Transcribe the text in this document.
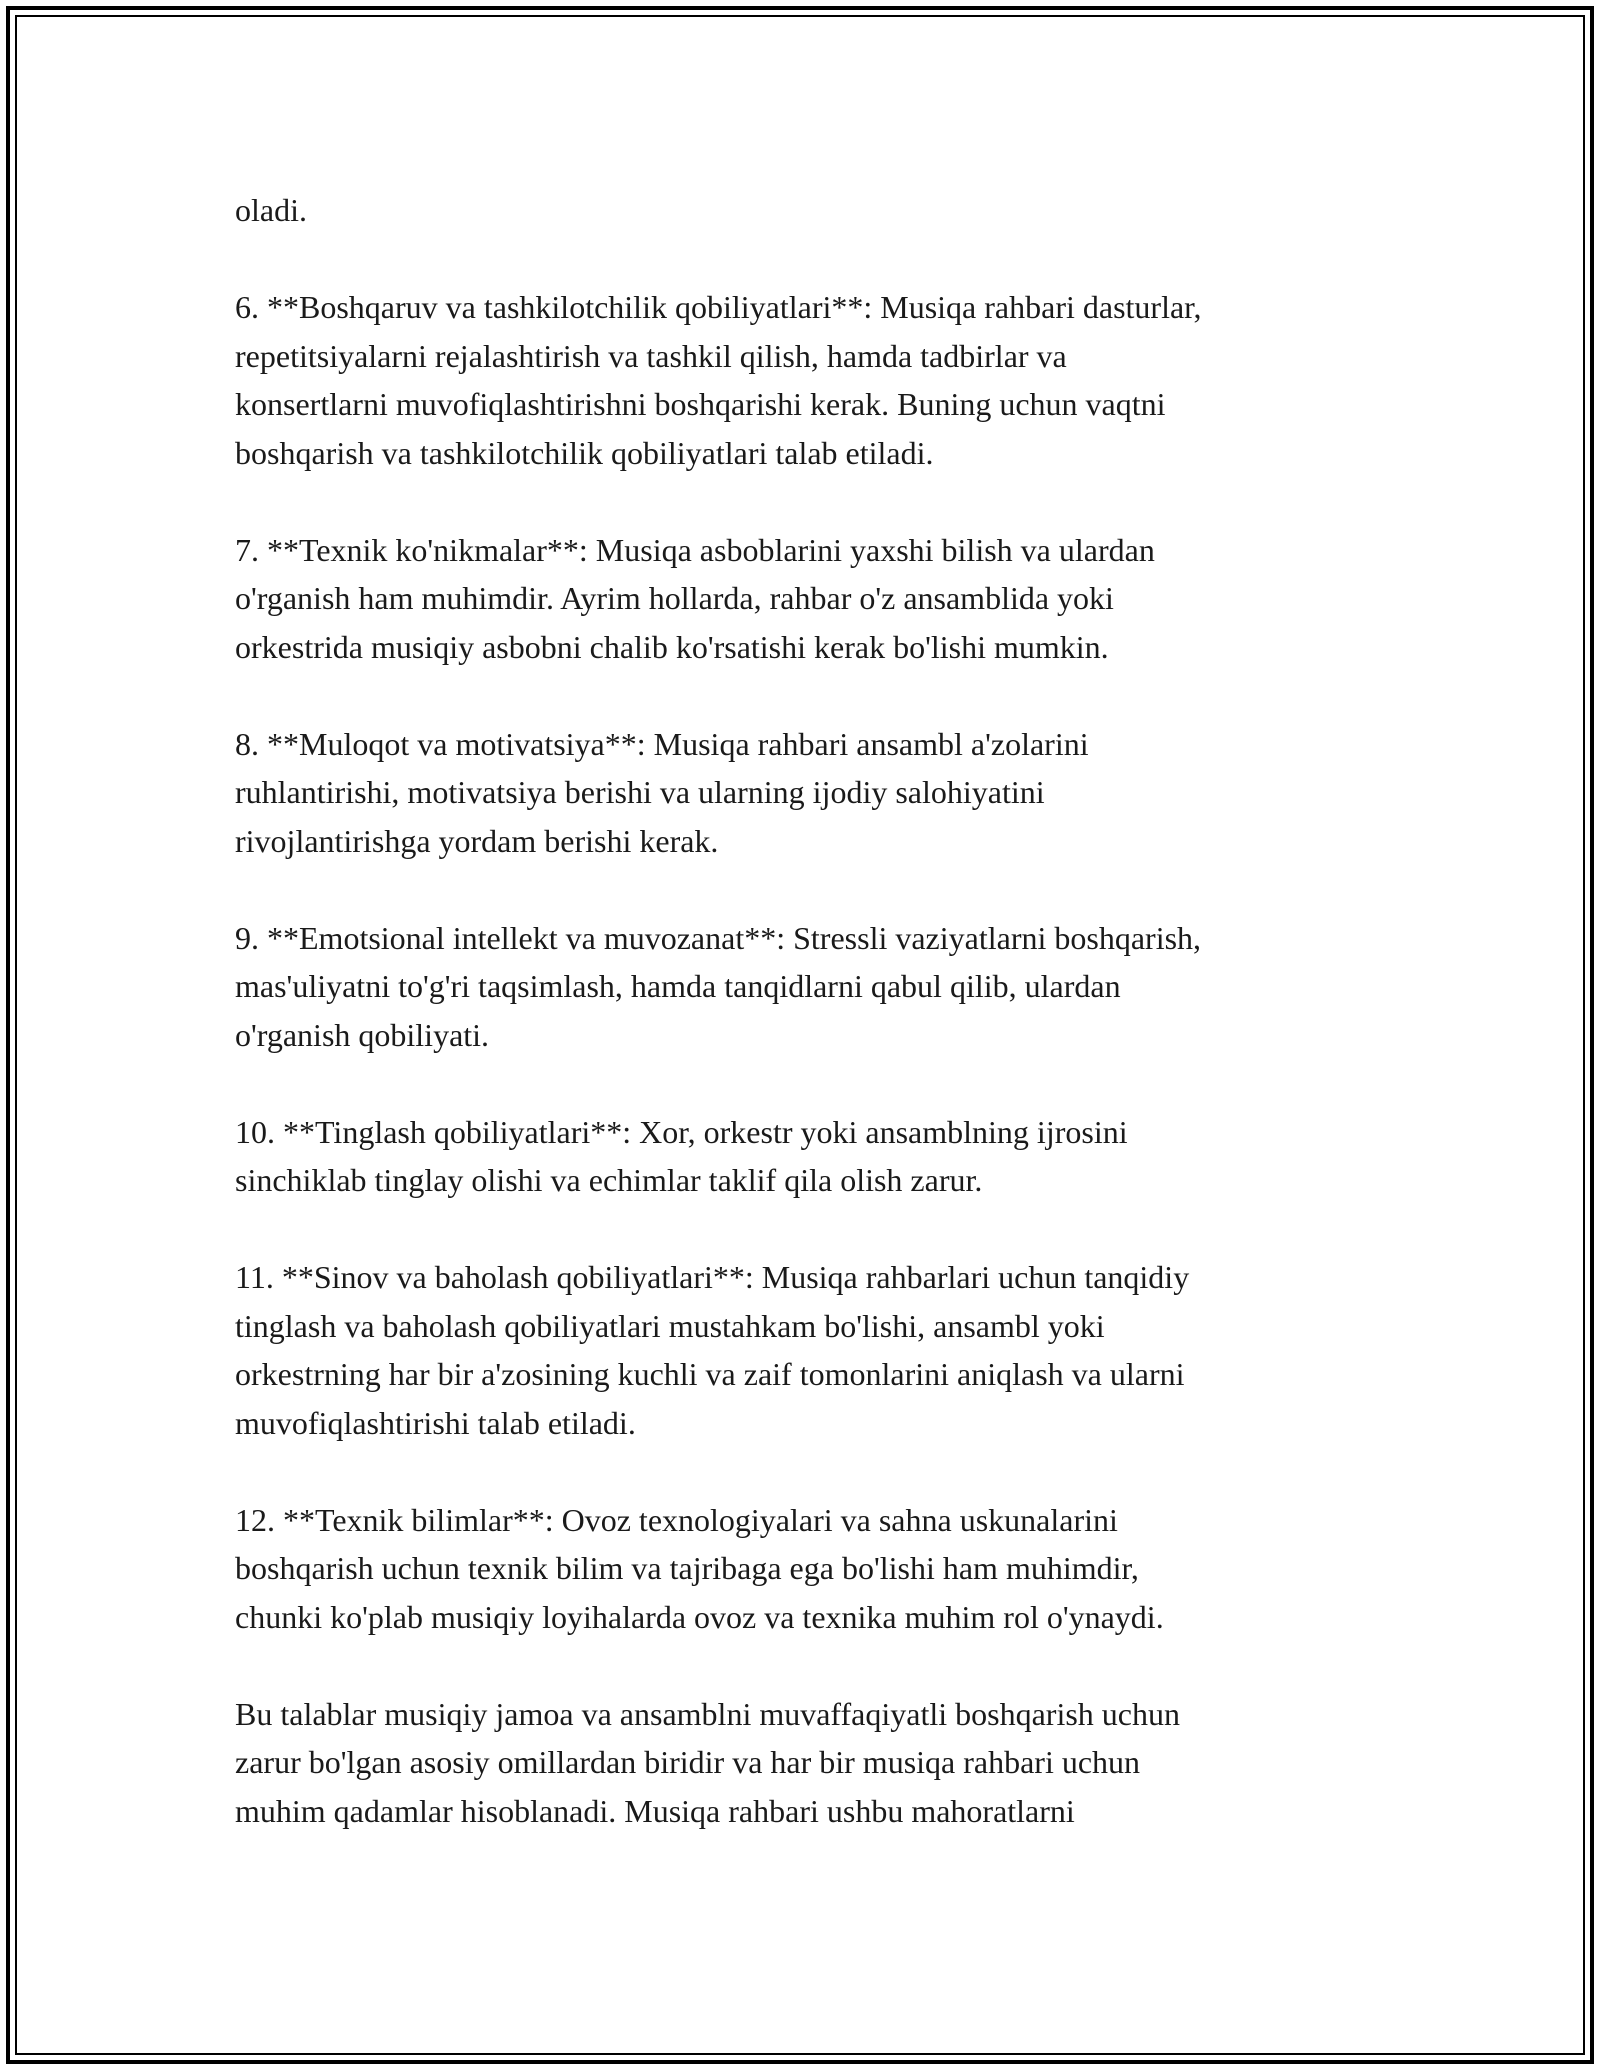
oladi.

6. **Boshqaruv va tashkilotchilik qobiliyatlari**: Musiqa rahbari dasturlar,
repetitsiyalarni rejalashtirish va tashkil qilish, hamda tadbirlar va
konsertlarni muvofiqlashtirishni boshqarishi kerak. Buning uchun vaqtni
boshqarish va tashkilotchilik qobiliyatlari talab etiladi.

7. **Texnik ko'nikmalar**: Musiqa asboblarini yaxshi bilish va ulardan
o'rganish ham muhimdir. Ayrim hollarda, rahbar o'z ansamblida yoki
orkestrida musiqiy asbobni chalib ko'rsatishi kerak bo'lishi mumkin.

8. **Muloqot va motivatsiya**: Musiqa rahbari ansambl a'zolarini
ruhlantirishi, motivatsiya berishi va ularning ijodiy salohiyatini
rivojlantirishga yordam berishi kerak.

9. **Emotsional intellekt va muvozanat**: Stressli vaziyatlarni boshqarish,
mas'uliyatni to'g'ri taqsimlash, hamda tanqidlarni qabul qilib, ulardan
o'rganish qobiliyati.

10. **Tinglash qobiliyatlari**: Xor, orkestr yoki ansamblning ijrosini
sinchiklab tinglay olishi va echimlar taklif qila olish zarur.

11. **Sinov va baholash qobiliyatlari**: Musiqa rahbarlari uchun tanqidiy
tinglash va baholash qobiliyatlari mustahkam bo'lishi, ansambl yoki
orkestrning har bir a'zosining kuchli va zaif tomonlarini aniqlash va ularni
muvofiqlashtirishi talab etiladi.

12. **Texnik bilimlar**: Ovoz texnologiyalari va sahna uskunalarini
boshqarish uchun texnik bilim va tajribaga ega bo'lishi ham muhimdir,
chunki ko'plab musiqiy loyihalarda ovoz va texnika muhim rol o'ynaydi.

Bu talablar musiqiy jamoa va ansamblni muvaffaqiyatli boshqarish uchun
zarur bo'lgan asosiy omillardan biridir va har bir musiqa rahbari uchun
muhim qadamlar hisoblanadi. Musiqa rahbari ushbu mahoratlarni
